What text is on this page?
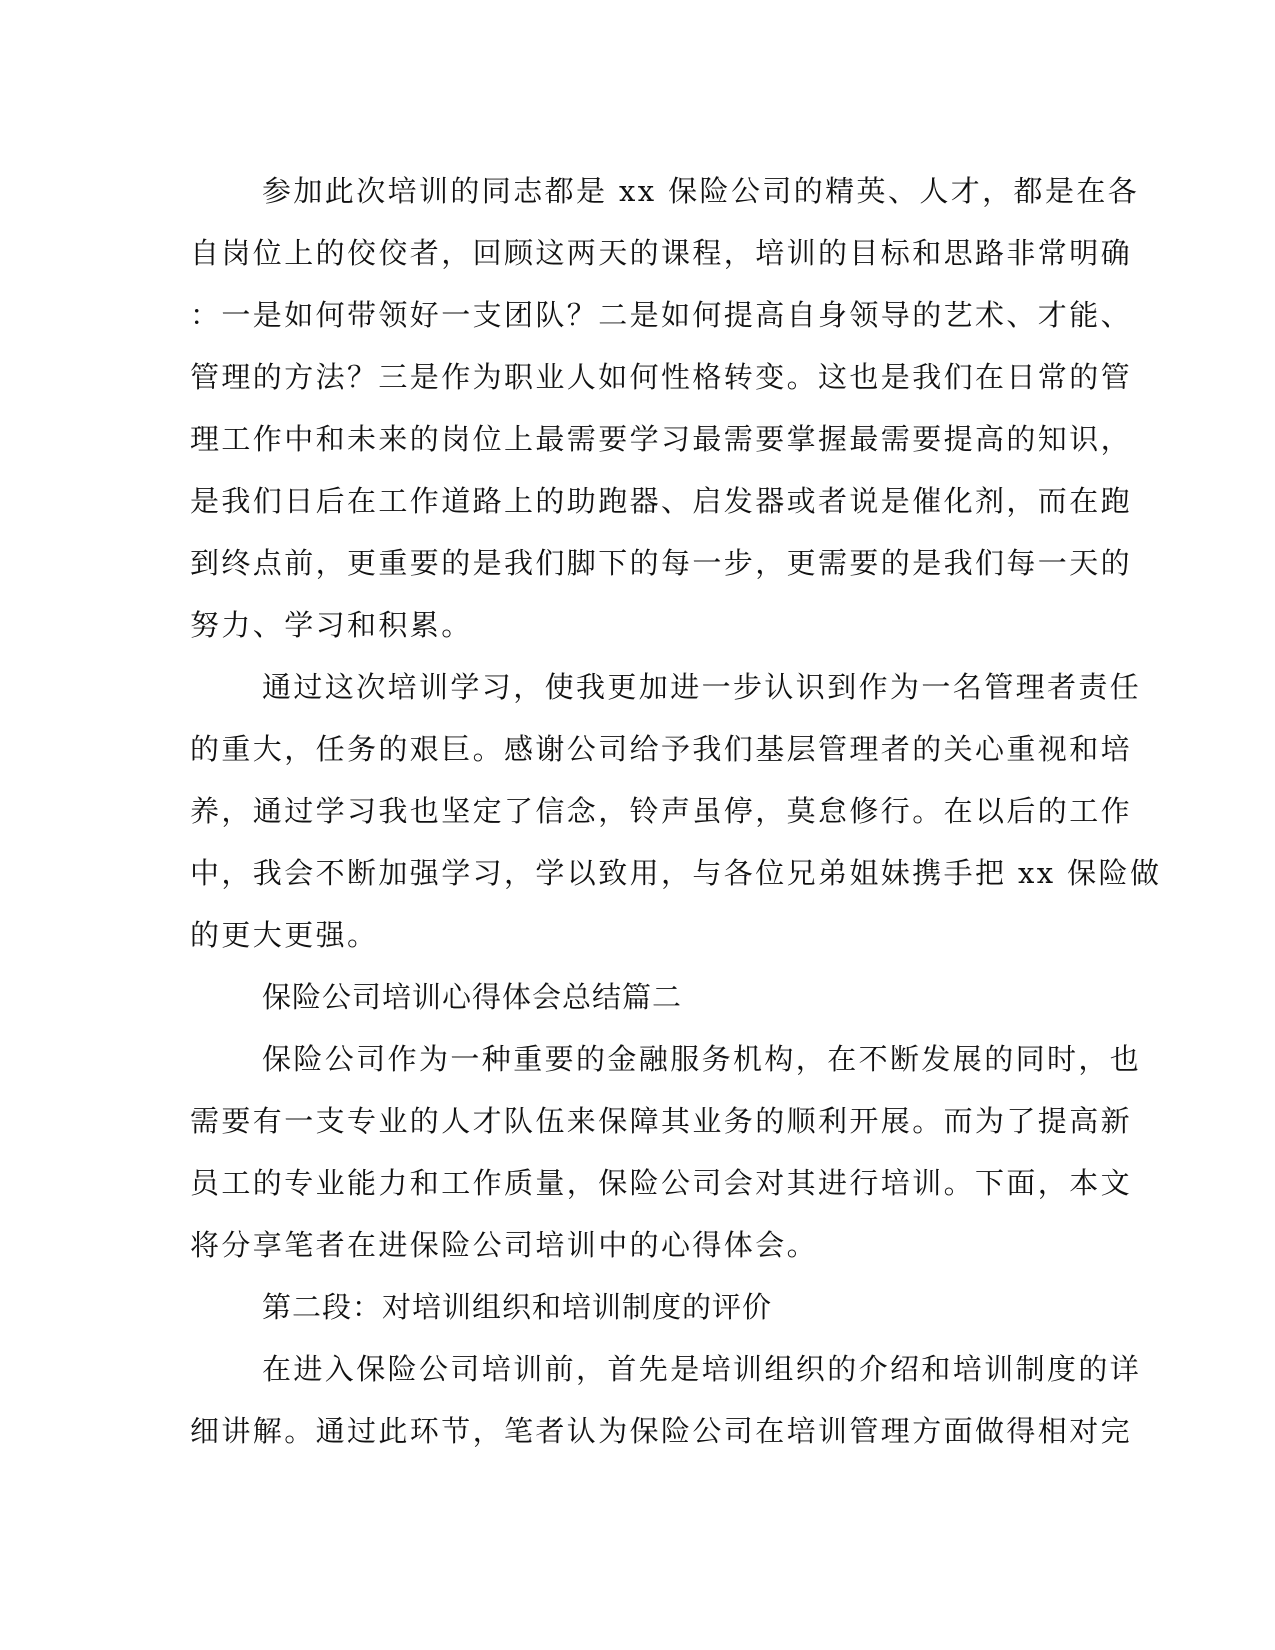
参加此次培训的同志都是 xx 保险公司的精英、人才，都是在各
自岗位上的佼佼者，回顾这两天的课程，培训的目标和思路非常明确
：一是如何带领好一支团队？二是如何提高自身领导的艺术、才能、
管理的方法？三是作为职业人如何性格转变。这也是我们在日常的管
理工作中和未来的岗位上最需要学习最需要掌握最需要提高的知识，
是我们日后在工作道路上的助跑器、启发器或者说是催化剂，而在跑
到终点前，更重要的是我们脚下的每一步，更需要的是我们每一天的
努力、学习和积累。
通过这次培训学习，使我更加进一步认识到作为一名管理者责任
的重大，任务的艰巨。感谢公司给予我们基层管理者的关心重视和培
养，通过学习我也坚定了信念，铃声虽停，莫怠修行。在以后的工作
中，我会不断加强学习，学以致用，与各位兄弟姐妹携手把 xx 保险做
的更大更强。
保险公司培训心得体会总结篇二
保险公司作为一种重要的金融服务机构，在不断发展的同时，也
需要有一支专业的人才队伍来保障其业务的顺利开展。而为了提高新
员工的专业能力和工作质量，保险公司会对其进行培训。下面，本文
将分享笔者在进保险公司培训中的心得体会。
第二段：对培训组织和培训制度的评价
在进入保险公司培训前，首先是培训组织的介绍和培训制度的详
细讲解。通过此环节，笔者认为保险公司在培训管理方面做得相对完
